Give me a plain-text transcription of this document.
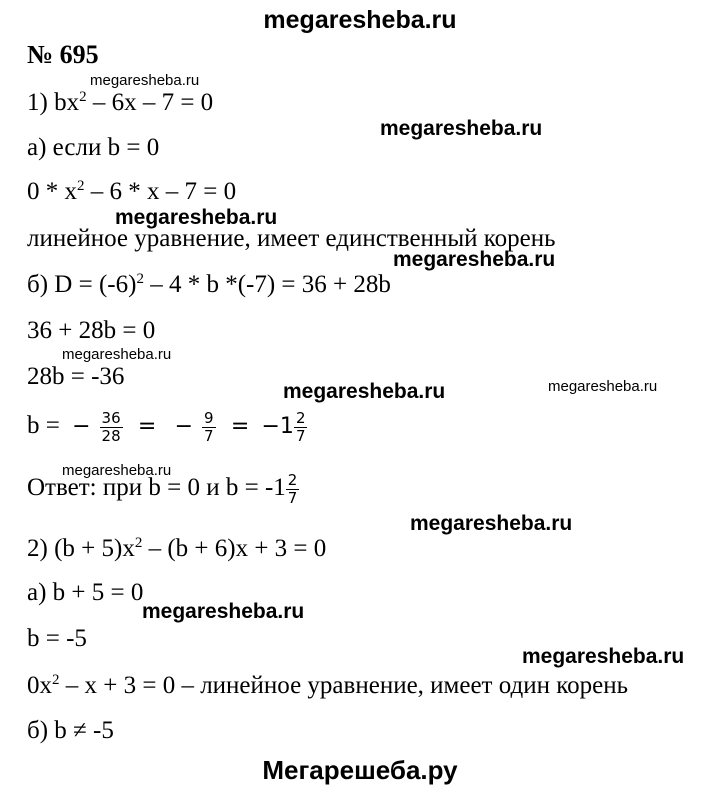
megaresheba.ru
№ 695
1) $bx^2 - 6x - 7 = 0$
а) если b = 0
$0 * x^2 - 6 * x - 7 = 0$
линейное уравнение, имеет единственный корень
б) $D = (-6)^2 - 4 * b$ *(-7) = 36 + 28b
36 + 28b = 0
28b = -36
b = − $\frac{36}{28}$ = − $\frac{9}{7} = -1 \frac{2}{7}$
Ответ: при b = 0 и $b = -1 \frac{2}{7}$
2) $(b + 5)x^2 - (b + 6)x + 3 = 0$
а) b + 5 = 0
b = -5
$0x^2 - x + 3 = 0$ – линейное уравнение, имеет один корень
б) b ≠ -5
megaresheba.ru
megaresheba.ru
megaresheba.ru
megaresheba.ru
megaresheba.ru
megaresheba.ru	megaresheba.ru
megaresheba.ru
megaresheba.ru
megaresheba.ru
megaresheba.ru
Мегарешеба.ру
